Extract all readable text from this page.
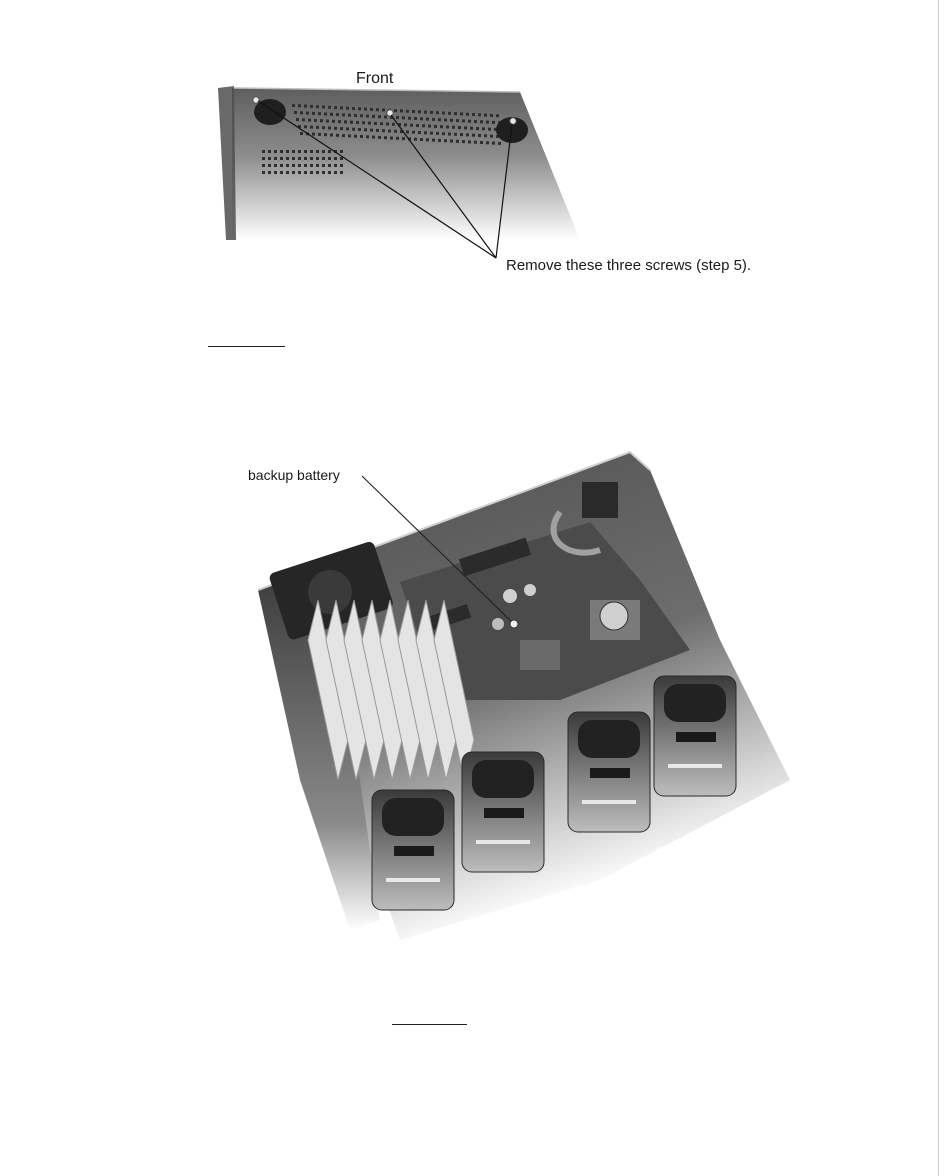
Front
Remove these three screws (step 5).
backup battery
